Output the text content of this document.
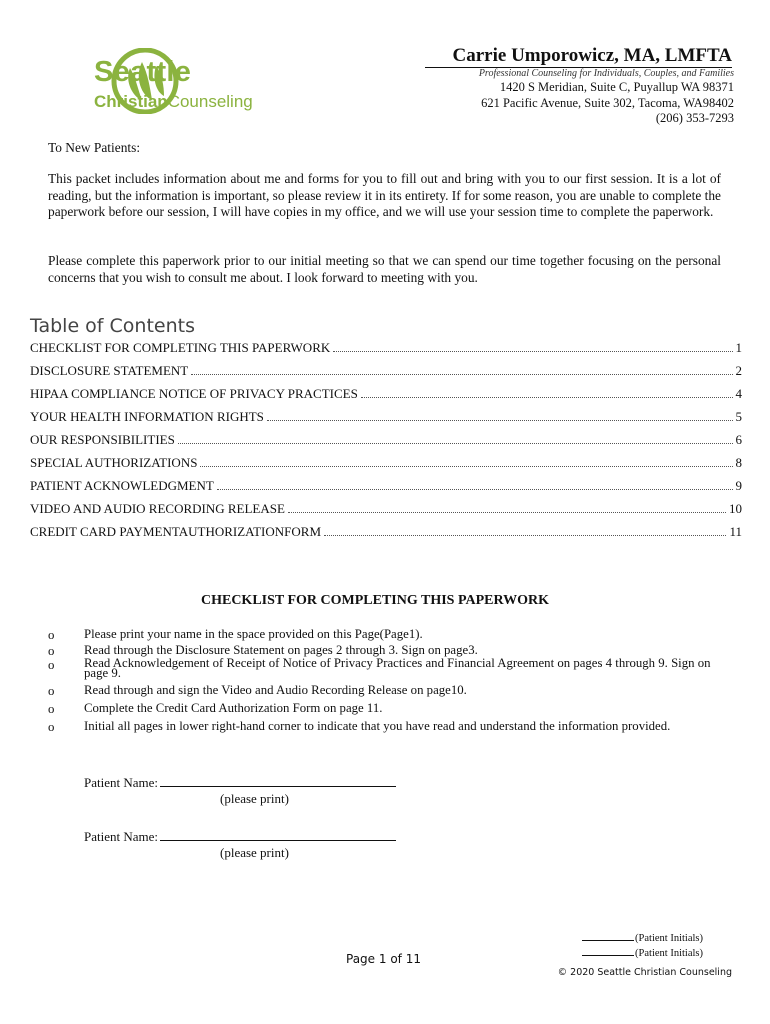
Seattle
ChristianCounseling
Carrie Umporowicz, MA, LMFTA
Professional Counseling for Individuals, Couples, and Families
1420 S Meridian, Suite C, Puyallup WA 98371
621 Pacific Avenue, Suite 302, Tacoma, WA98402
(206) 353-7293

To New Patients:

This packet includes information about me and forms for you to fill out and bring with you to our first session. It is a lot of reading, but the information is important, so please review it in its entirety. If for some reason, you are unable to complete the paperwork before our session, I will have copies in my office, and we will use your session time to complete the paperwork.

Please complete this paperwork prior to our initial meeting so that we can spend our time together focusing on the personal concerns that you wish to consult me about. I look forward to meeting with you.

Table of Contents
CHECKLIST FOR COMPLETING THIS PAPERWORK	1
DISCLOSURE STATEMENT	2
HIPAA COMPLIANCE NOTICE OF PRIVACY PRACTICES	4
YOUR HEALTH INFORMATION RIGHTS	5
OUR RESPONSIBILITIES	6
SPECIAL AUTHORIZATIONS	8
PATIENT ACKNOWLEDGMENT	9
VIDEO AND AUDIO RECORDING RELEASE	10
CREDIT CARD PAYMENTAUTHORIZATIONFORM	11
CHECKLIST FOR COMPLETING THIS PAPERWORK
o	Please print your name in the space provided on this Page(Page1).
o	Read through the Disclosure Statement on pages 2 through 3. Sign on page3.
o	Read Acknowledgement of Receipt of Notice of Privacy Practices and Financial Agreement on pages 4 through 9. Sign on page 9.
o	Read through and sign the Video and Audio Recording Release on page10.
o	Complete the Credit Card Authorization Form on page 11.
o	Initial all pages in lower right-hand corner to indicate that you have read and understand the information provided.
Patient Name:
(please print)
Patient Name:
(please print)
Page 1 of 11
(Patient Initials)
(Patient Initials)
© 2020 Seattle Christian Counseling
